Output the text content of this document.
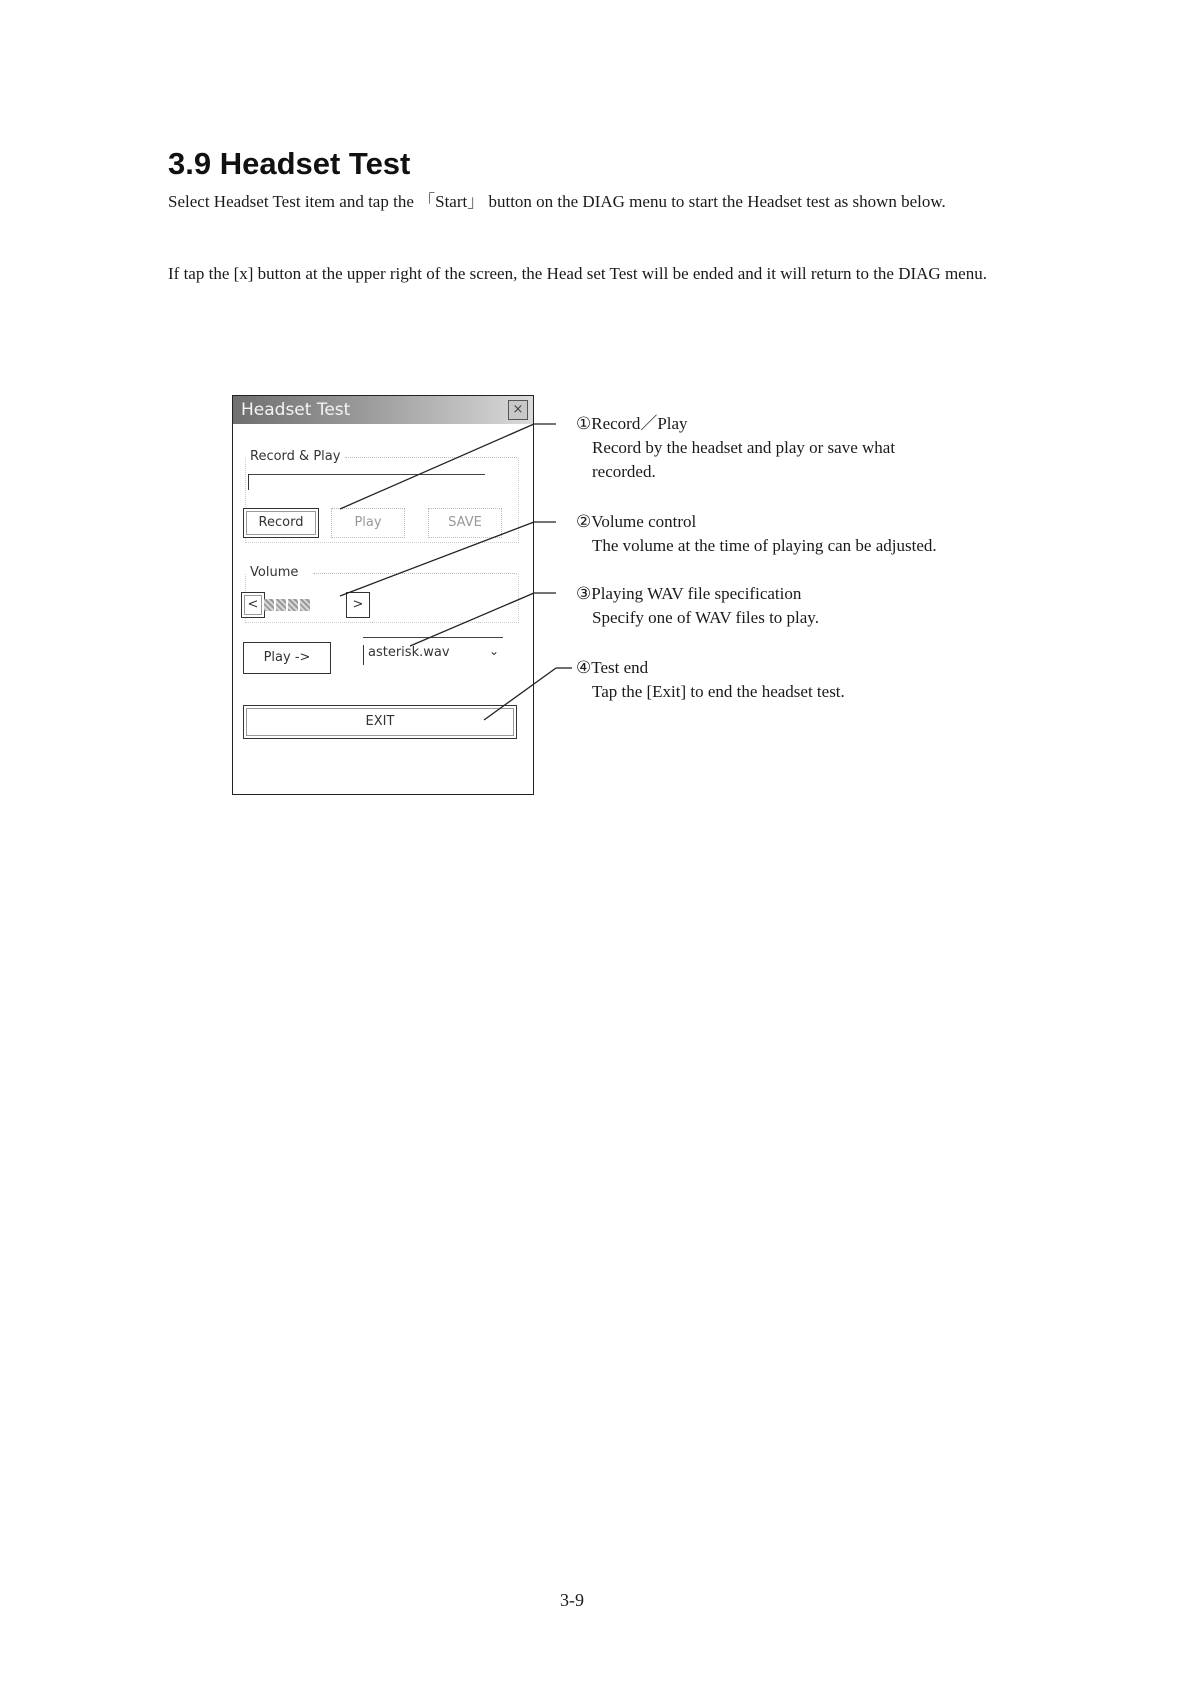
3.9 Headset Test

Select Headset Test item and tap the 「Start」 button on the DIAG menu to start the Headset test as shown below.

If tap the [x] button at the upper right of the screen, the Head set Test will be ended and it will return to the DIAG menu.

Headset Test	×
Record & Play
Record	Play	SAVE
Volume
<	>
Play ->	asterisk.wav	⌄
EXIT

①Record／Play
Record by the headset and play or save what recorded.

②Volume control
The volume at the time of playing can be adjusted.

③Playing WAV file specification
Specify one of WAV files to play.

④Test end
Tap the [Exit] to end the headset test.

3-9
